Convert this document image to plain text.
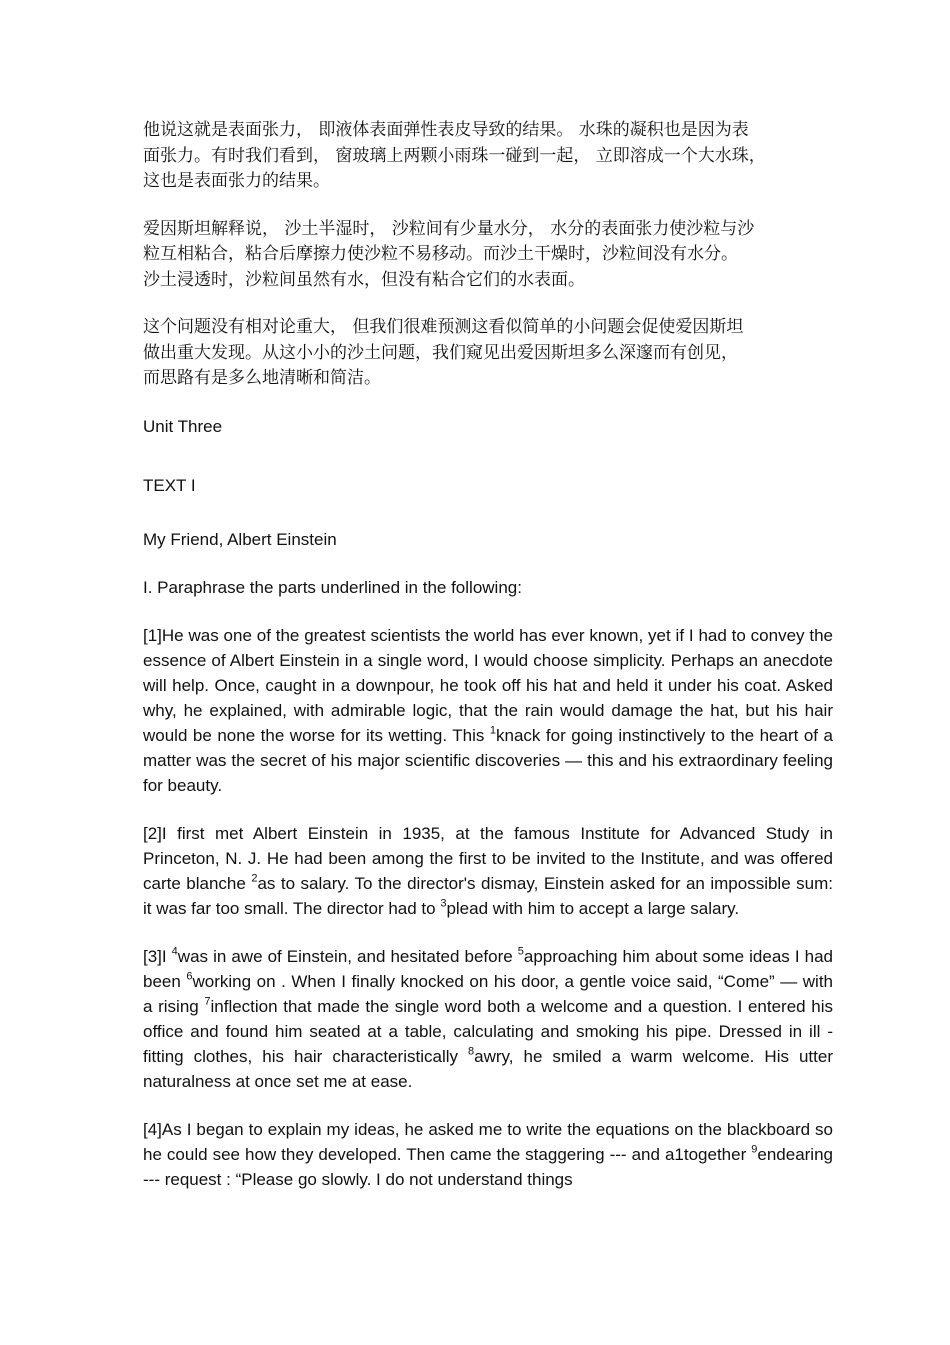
他说这就是表面张力， 即液体表面弹性表皮导致的结果。 水珠的凝积也是因为表

面张力。有时我们看到， 窗玻璃上两颗小雨珠一碰到一起， 立即溶成一个大水珠，

这也是表面张力的结果。

爱因斯坦解释说， 沙土半湿时， 沙粒间有少量水分， 水分的表面张力使沙粒与沙

粒互相粘合，粘合后摩擦力使沙粒不易移动。而沙土干燥时，沙粒间没有水分。

沙土浸透时，沙粒间虽然有水，但没有粘合它们的水表面。

这个问题没有相对论重大， 但我们很难预测这看似简单的小问题会促使爱因斯坦

做出重大发现。从这小小的沙土问题，我们窥见出爱因斯坦多么深邃而有创见，

而思路有是多么地清晰和简洁。

Unit Three

TEXT I

My Friend, Albert Einstein

I. Paraphrase the parts underlined in the following:

[1]He was one of the greatest scientists the world has ever known, yet if I had to convey the essence of Albert Einstein in a single word, I would choose simplicity. Perhaps an anecdote will help. Once, caught in a downpour, he took off his hat and held it under his coat. Asked why, he explained, with admirable logic, that the rain would damage the hat, but his hair would be none the worse for its wetting. This $^1$knack for going instinctively to the heart of a matter was the secret of his major scientific discoveries — this and his extraordinary feeling for beauty.

[2]I first met Albert Einstein in 1935, at the famous Institute for Advanced Study in Princeton, N. J. He had been among the first to be invited to the Institute, and was offered carte blanche $^2$as to salary. To the director's dismay, Einstein asked for an impossible sum: it was far too small. The director had to $^3$plead with him to accept a large salary.

[3]I $^4$was in awe of Einstein, and hesitated before $^5$approaching him about some ideas I had been $^6$working on . When I finally knocked on his door, a gentle voice said, “Come” — with a rising $^7$inflection that made the single word both a welcome and a question. I entered his office and found him seated at a table, calculating and smoking his pipe. Dressed in ill - fitting clothes, his hair characteristically $^8$awry, he smiled a warm welcome. His utter naturalness at once set me at ease.

[4]As I began to explain my ideas, he asked me to write the equations on the blackboard so he could see how they developed. Then came the staggering --- and a1together $^9$endearing --- request : “Please go slowly. I do not understand things
